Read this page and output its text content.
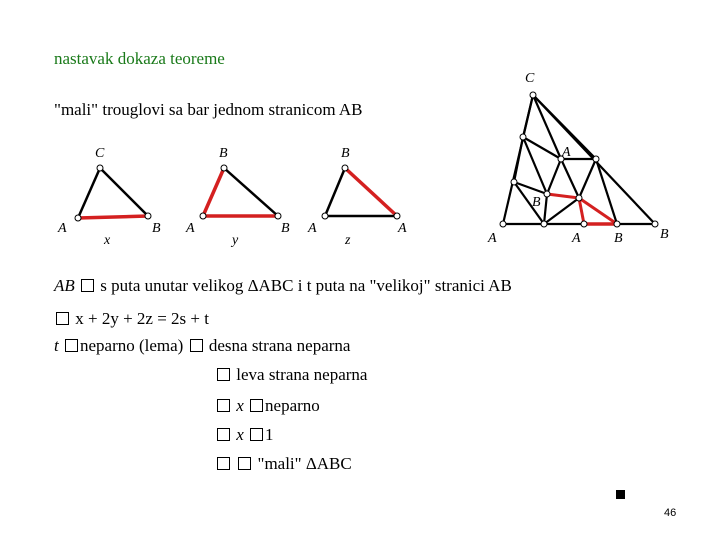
nastavak dokaza teoreme
"mali" trouglovi sa bar jednom stranicom AB
C
A	B
x
B
A	B
y
B
A	A
z
C
A
B
A	A B	B
AB s puta unutar velikog ΔABC i t puta na "velikoj" stranici AB
x + 2y + 2z = 2s + t
t neparno (lema) desna strana neparna
leva strana neparna
x neparno
x 1
"mali" ΔABC
46
